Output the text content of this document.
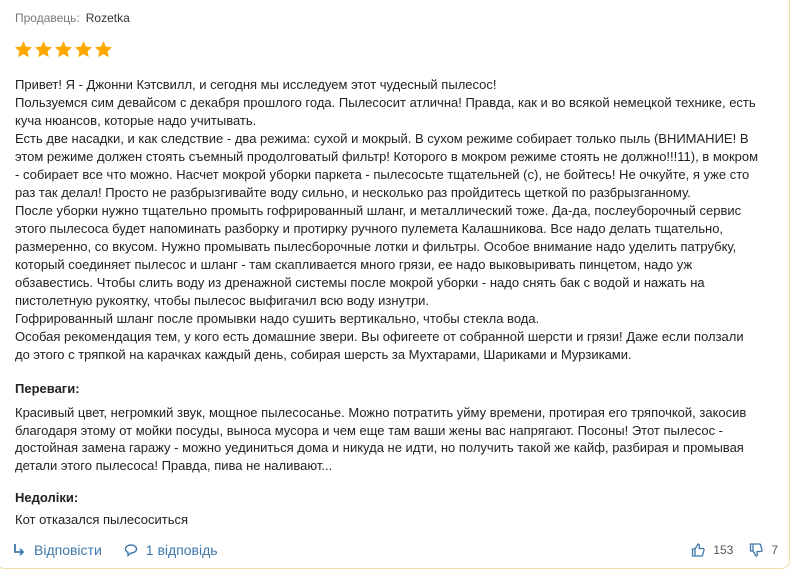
Продавець: Rozetka
Привет! Я - Джонни Кэтсвилл, и сегодня мы исследуем этот чудесный пылесос!
Пользуемся сим девайсом с декабря прошлого года. Пылесосит атлична! Правда, как и во всякой немецкой технике, есть
куча нюансов, которые надо учитывать.
Есть две насадки, и как следствие - два режима: сухой и мокрый. В сухом режиме собирает только пыль (ВНИМАНИЕ! В
этом режиме должен стоять съемный продолговатый фильтр! Которого в мокром режиме стоять не должно!!!11), в мокром
- собирает все что можно. Насчет мокрой уборки паркета - пылесосьте тщательней (с), не бойтесь! Не очкуйте, я уже сто
раз так делал! Просто не разбрызгивайте воду сильно, и несколько раз пройдитесь щеткой по разбрызганному.
После уборки нужно тщательно промыть гофрированный шланг, и металлический тоже. Да-да, послеуборочный сервис
этого пылесоса будет напоминать разборку и протирку ручного пулемета Калашникова. Все надо делать тщательно,
размеренно, со вкусом. Нужно промывать пылесборочные лотки и фильтры. Особое внимание надо уделить патрубку,
который соединяет пылесос и шланг - там скапливается много грязи, ее надо выковыривать пинцетом, надо уж
обзавестись. Чтобы слить воду из дренажной системы после мокрой уборки - надо снять бак с водой и нажать на
пистолетную рукоятку, чтобы пылесос выфигачил всю воду изнутри.
Гофрированный шланг после промывки надо сушить вертикально, чтобы стекла вода.
Особая рекомендация тем, у кого есть домашние звери. Вы офигеете от собранной шерсти и грязи! Даже если ползали
до этого с тряпкой на карачках каждый день, собирая шерсть за Мухтарами, Шариками и Мурзиками.
Переваги:
Красивый цвет, негромкий звук, мощное пылесосанье. Можно потратить уйму времени, протирая его тряпочкой, закосив
благодаря этому от мойки посуды, выноса мусора и чем еще там ваши жены вас напрягают. Посоны! Этот пылесос -
достойная замена гаражу - можно уединиться дома и никуда не идти, но получить такой же кайф, разбирая и промывая
детали этого пылесоса! Правда, пива не наливают...
Недоліки:
Кот отказался пылесоситься
Відповісти	1 відповідь	153	7
